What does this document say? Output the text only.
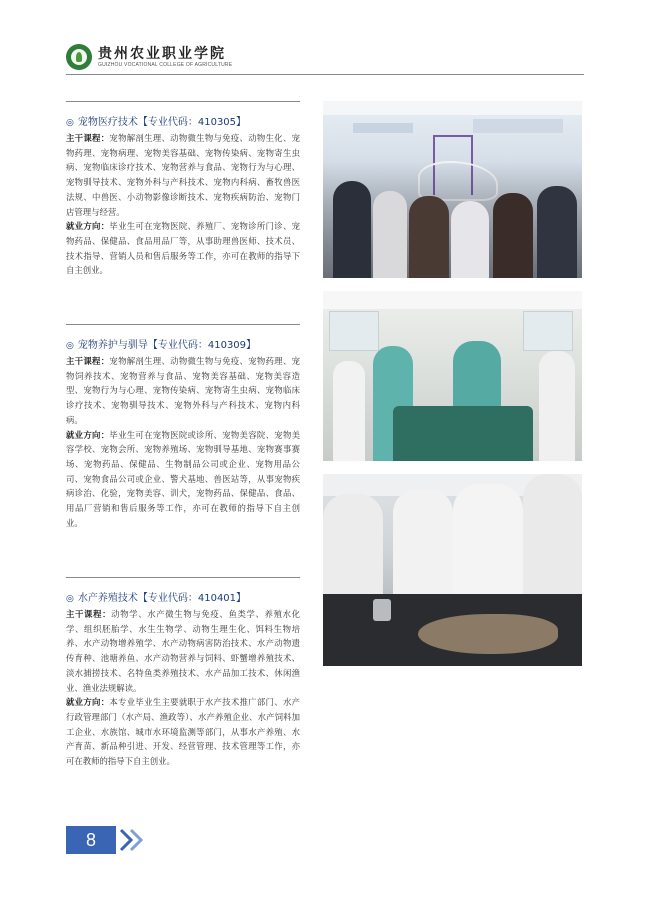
贵州农业职业学院
GUIZHOU VOCATIONAL COLLEGE OF AGRICULTURE
◎ 宠物医疗技术【专业代码：410305】
主干课程：宠物解剖生理、动物微生物与免疫、动物生化、宠物药理、宠物病理、宠物美容基础、宠物传染病、宠物寄生虫病、宠物临床诊疗技术、宠物营养与食品、宠物行为与心理、宠物驯导技术、宠物外科与产科技术、宠物内科病、畜牧兽医法规、中兽医、小动物影像诊断技术、宠物疾病防治、宠物门店管理与经营。
就业方向：毕业生可在宠物医院、养殖厂、宠物诊所门诊、宠物药品、保健品、食品用品厂等，从事助理兽医师、技术员、技术指导、营销人员和售后服务等工作，亦可在教师的指导下自主创业。
◎ 宠物养护与驯导【专业代码：410309】
主干课程：宠物解剖生理、动物微生物与免疫、宠物药理、宠物饲养技术、宠物营养与食品、宠物美容基础、宠物美容造型、宠物行为与心理、宠物传染病、宠物寄生虫病、宠物临床诊疗技术、宠物驯导技术、宠物外科与产科技术、宠物内科病。
就业方向：毕业生可在宠物医院或诊所、宠物美容院、宠物美容学校、宠物会所、宠物养殖场、宠物驯导基地、宠物赛事赛场、宠物药品、保健品、生物制品公司或企业、宠物用品公司、宠物食品公司或企业、警犬基地、兽医站等，从事宠物疾病诊治、化验，宠物美容、训犬，宠物药品、保健品、食品、用品厂营销和售后服务等工作，亦可在教师的指导下自主创业。
◎ 水产养殖技术【专业代码：410401】
主干课程：动物学、水产微生物与免疫、鱼类学、养殖水化学、组织胚胎学、水生生物学、动物生理生化、饵料生物培养、水产动物增养殖学、水产动物病害防治技术、水产动物遗传育种、池塘养鱼、水产动物营养与饲料、虾蟹增养殖技术、淡水捕捞技术、名特鱼类养殖技术、水产品加工技术、休闲渔业、渔业法规解读。
就业方向：本专业毕业生主要就职于水产技术推广部门、水产行政管理部门（水产局、渔政等）、水产养殖企业、水产饲料加工企业、水族馆、城市水环境监测等部门，从事水产养殖、水产育苗、新品种引进、开发、经营管理、技术管理等工作，亦可在教师的指导下自主创业。
8
